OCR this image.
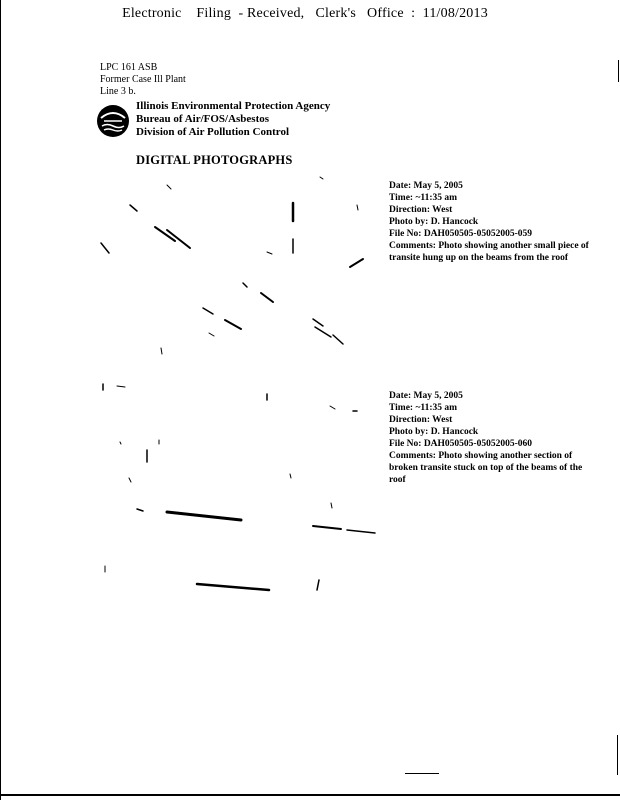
Electronic    Filing  - Received,   Clerk's   Office  :  11/08/2013
LPC 161 ASB
Former Case Ill Plant
Line 3 b.
Illinois Environmental Protection Agency
Bureau of Air/FOS/Asbestos
Division of Air Pollution Control
DIGITAL PHOTOGRAPHS
Date: May 5, 2005
Time: ~11:35 am
Direction: West
Photo by: D. Hancock
File No: DAH050505-05052005-059
Comments: Photo showing another small piece of transite hung up on the beams from the roof
Date: May 5, 2005
Time: ~11:35 am
Direction: West
Photo by: D. Hancock
File No: DAH050505-05052005-060
Comments: Photo showing another section of broken transite stuck on top of the beams of the roof
